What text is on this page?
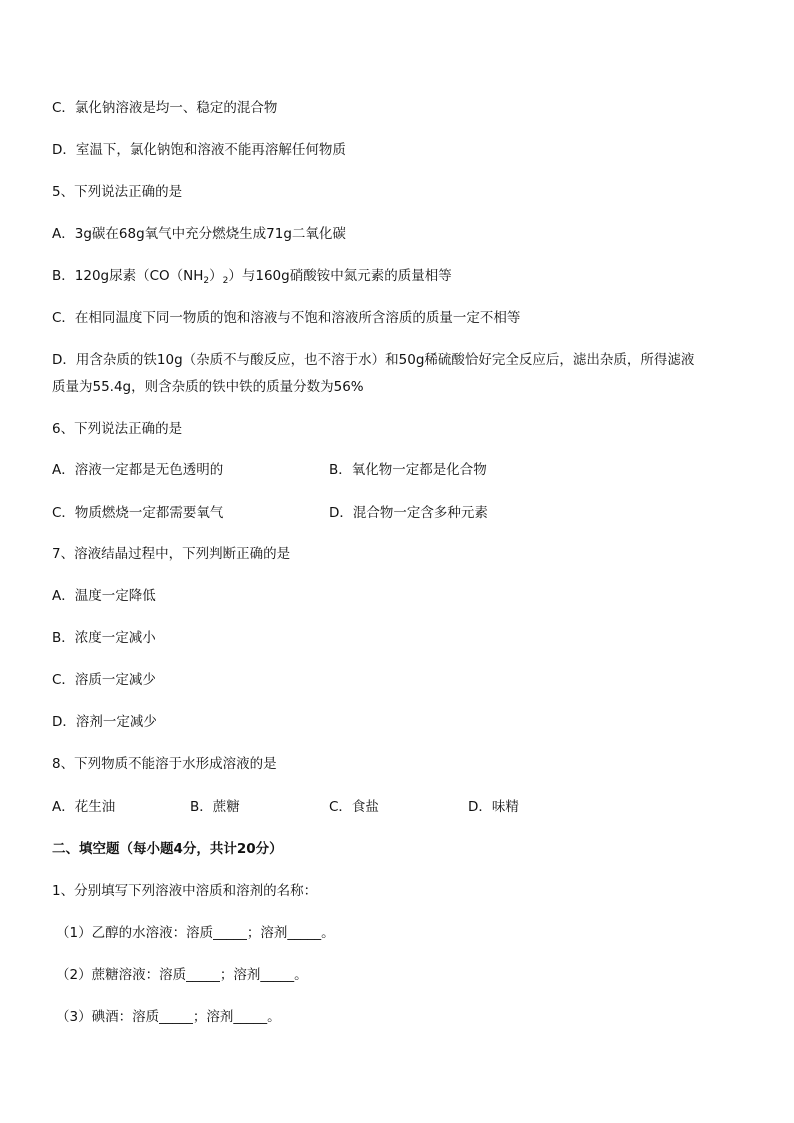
C．氯化钠溶液是均一、稳定的混合物
D．室温下，氯化钠饱和溶液不能再溶解任何物质
5、下列说法正确的是
A．3g碳在68g氧气中充分燃烧生成71g二氧化碳
B．120g尿素$(CO(NH_2)_2)$与160g硝酸铵中氮元素的质量相等
C．在相同温度下同一物质的饱和溶液与不饱和溶液所含溶质的质量一定不相等
D．用含杂质的铁10g（杂质不与酸反应，也不溶于水）和50g稀硫酸恰好完全反应后，滤出杂质，所得滤液
质量为55.4g，则含杂质的铁中铁的质量分数为56%
6、下列说法正确的是
A．溶液一定都是无色透明的	B．氧化物一定都是化合物
C．物质燃烧一定都需要氧气	D．混合物一定含多种元素
7、溶液结晶过程中，下列判断正确的是
A．温度一定降低
B．浓度一定减小
C．溶质一定减少
D．溶剂一定减少
8、下列物质不能溶于水形成溶液的是
A．花生油	B．蔗糖	C．食盐	D．味精
二、填空题（每小题4分，共计20分）
1、分别填写下列溶液中溶质和溶剂的名称：
（1）乙醇的水溶液：溶质_____；溶剂_____。
（2）蔗糖溶液：溶质_____；溶剂_____。
（3）碘酒：溶质_____；溶剂_____。
